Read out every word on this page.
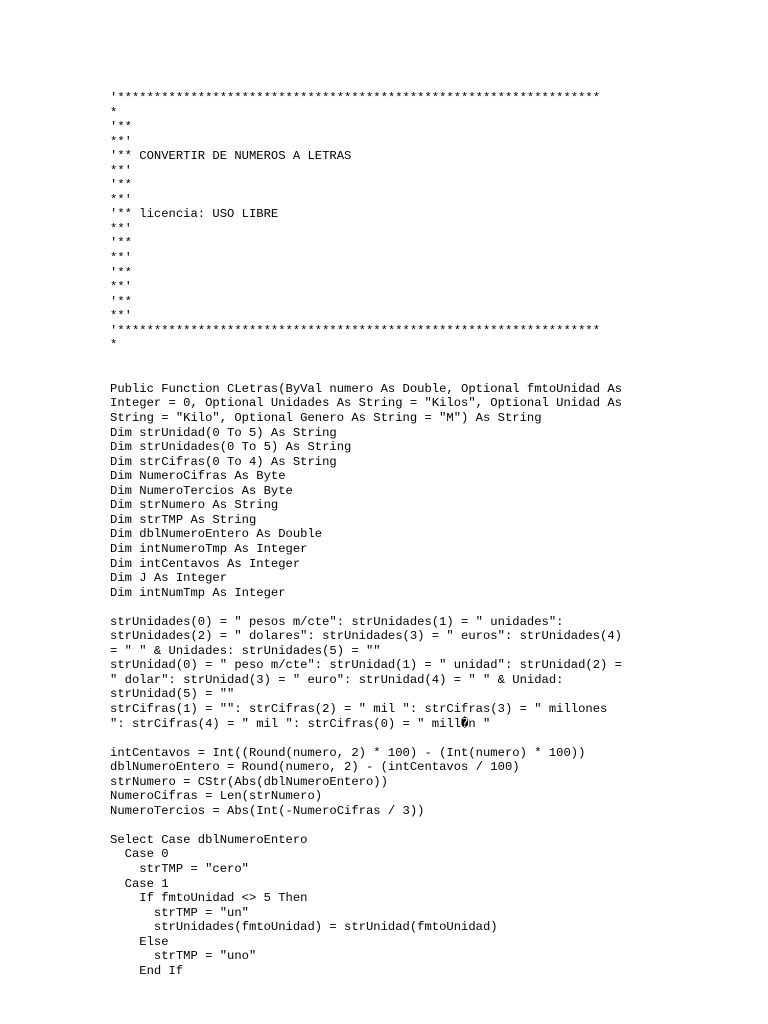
'******************************************************************
*
'**
**'
'** CONVERTIR DE NUMEROS A LETRAS
**'
'**
**'
'** licencia: USO LIBRE
**'
'**
**'
'**
**'
'**
**'
'******************************************************************
*
Public Function CLetras(ByVal numero As Double, Optional fmtoUnidad As
Integer = 0, Optional Unidades As String = "Kilos", Optional Unidad As
String = "Kilo", Optional Genero As String = "M") As String
Dim strUnidad(0 To 5) As String
Dim strUnidades(0 To 5) As String
Dim strCifras(0 To 4) As String
Dim NumeroCifras As Byte
Dim NumeroTercios As Byte
Dim strNumero As String
Dim strTMP As String
Dim dblNumeroEntero As Double
Dim intNumeroTmp As Integer
Dim intCentavos As Integer
Dim J As Integer
Dim intNumTmp As Integer
strUnidades(0) = " pesos m/cte": strUnidades(1) = " unidades":
strUnidades(2) = " dolares": strUnidades(3) = " euros": strUnidades(4)
= " " & Unidades: strUnidades(5) = ""
strUnidad(0) = " peso m/cte": strUnidad(1) = " unidad": strUnidad(2) =
" dolar": strUnidad(3) = " euro": strUnidad(4) = " " & Unidad:
strUnidad(5) = ""
strCifras(1) = "": strCifras(2) = " mil ": strCifras(3) = " millones
": strCifras(4) = " mil ": strCifras(0) = " mill�n "
intCentavos = Int((Round(numero, 2) * 100) - (Int(numero) * 100))
dblNumeroEntero = Round(numero, 2) - (intCentavos / 100)
strNumero = CStr(Abs(dblNumeroEntero))
NumeroCifras = Len(strNumero)
NumeroTercios = Abs(Int(-NumeroCifras / 3))
Select Case dblNumeroEntero
Case 0
strTMP = "cero"
Case 1
If fmtoUnidad <> 5 Then
strTMP = "un"
strUnidades(fmtoUnidad) = strUnidad(fmtoUnidad)
Else
strTMP = "uno"
End If
